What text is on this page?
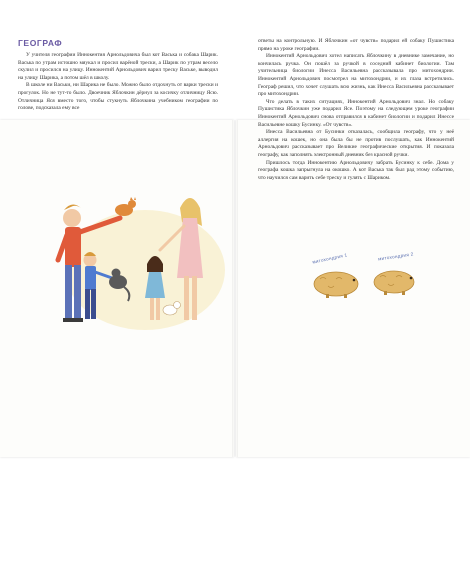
ГЕОГРАФ

У учителя географии Иннокентия Арнольдовича был кот Васька и собака Шарик. Васька по утрам истошно мяукал и просил варёной трески, а Шарик по утрам весело скулил и просился на улицу. Иннокентий Арнольдович варил треску Ваське, выводил на улицу Шарика, а потом шёл в школу.

В школе ни Васьки, ни Шарика не было. Можно было отдохнуть от варки трески и прогулок. Но не тут-то было. Двоечник Яблочкин дёрнул за косичку отличницу Ясю. Отличница Яся вместо того, чтобы стукнуть Яблочкина учебником географии по голове, подсказала ему все

ответы на контрольную. И Яблочкин «от чувств» подарил ей собаку Пушистика прямо на уроке географии.

Иннокентий Арнольдович хотел написать Яблочкину в дневнике замечание, но кончилась ручка. Он пошёл за ручкой в соседний кабинет биологии. Там учительница биологии Инесса Васильевна рассказывала про митохондрии. Иннокентий Арнольдович посмотрел на митохондрии, и их глаза встретились. Географ решил, что хочет слушать всю жизнь, как Инесса Васильевна рассказывает про митохондрии.

Что делать в таких ситуациях, Иннокентий Арнольдович знал. Но собаку Пушистика Яблочкин уже подарил Ясе. Поэтому на следующем уроке географии Иннокентий Арнольдович снова отправился в кабинет биологии и подарил Инессе Васильевне кошку Бусинку. «От чувств».

Инесса Васильевна от Бусинки отказалась, сообщила географу, что у неё аллергия на кошек, но она была бы не против послушать, как Иннокентий Арнольдович рассказывает про Великие географические открытия. И показала географу, как заполнять электронный дневник без красной ручки.

Пришлось тогда Иннокентию Арнольдовичу забрать Бусинку к себе. Дома у географа кошка запрыгнула на окошко. А кот Васька так был рад этому событию, что научился сам варить себе треску и гулять с Шариком.

митохондрия 1	митохондрия 2
